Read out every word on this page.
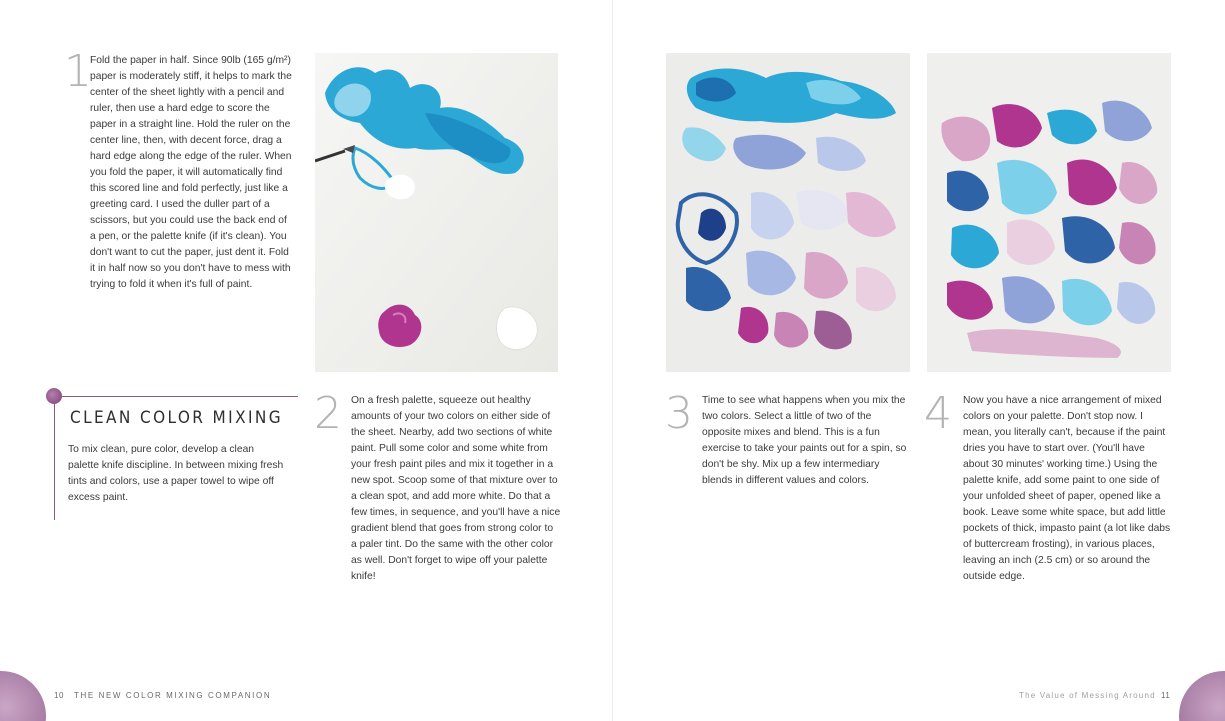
1

Fold the paper in half. Since 90lb (165 g/m²) paper is moderately stiff, it helps to mark the center of the sheet lightly with a pencil and ruler, then use a hard edge to score the paper in a straight line. Hold the ruler on the center line, then, with decent force, drag a hard edge along the edge of the ruler. When you fold the paper, it will automatically find this scored line and fold perfectly, just like a greeting card. I used the duller part of a scissors, but you could use the back end of a pen, or the palette knife (if it's clean). You don't want to cut the paper, just dent it. Fold it in half now so you don't have to mess with trying to fold it when it's full of paint.

CLEAN COLOR MIXING

To mix clean, pure color, develop a clean palette knife discipline. In between mixing fresh tints and colors, use a paper towel to wipe off excess paint.

2 On a fresh palette, squeeze out healthy amounts of your two colors on either side of the sheet. Nearby, add two sections of white paint. Pull some color and some white from your fresh paint piles and mix it together in a new spot. Scoop some of that mixture over to a clean spot, and add more white. Do that a few times, in sequence, and you'll have a nice gradient blend that goes from strong color to a paler tint. Do the same with the other color as well. Don't forget to wipe off your palette knife!

10 THE NEW COLOR MIXING COMPANION
3 Time to see what happens when you mix the two colors. Select a little of two of the opposite mixes and blend. This is a fun exercise to take your paints out for a spin, so don't be shy. Mix up a few intermediary blends in different values and colors.

4 Now you have a nice arrangement of mixed colors on your palette. Don't stop now. I mean, you literally can't, because if the paint dries you have to start over. (You'll have about 30 minutes' working time.) Using the palette knife, add some paint to one side of your unfolded sheet of paper, opened like a book. Leave some white space, but add little pockets of thick, impasto paint (a lot like dabs of buttercream frosting), in various places, leaving an inch (2.5 cm) or so around the outside edge.

The Value of Messing Around 11
